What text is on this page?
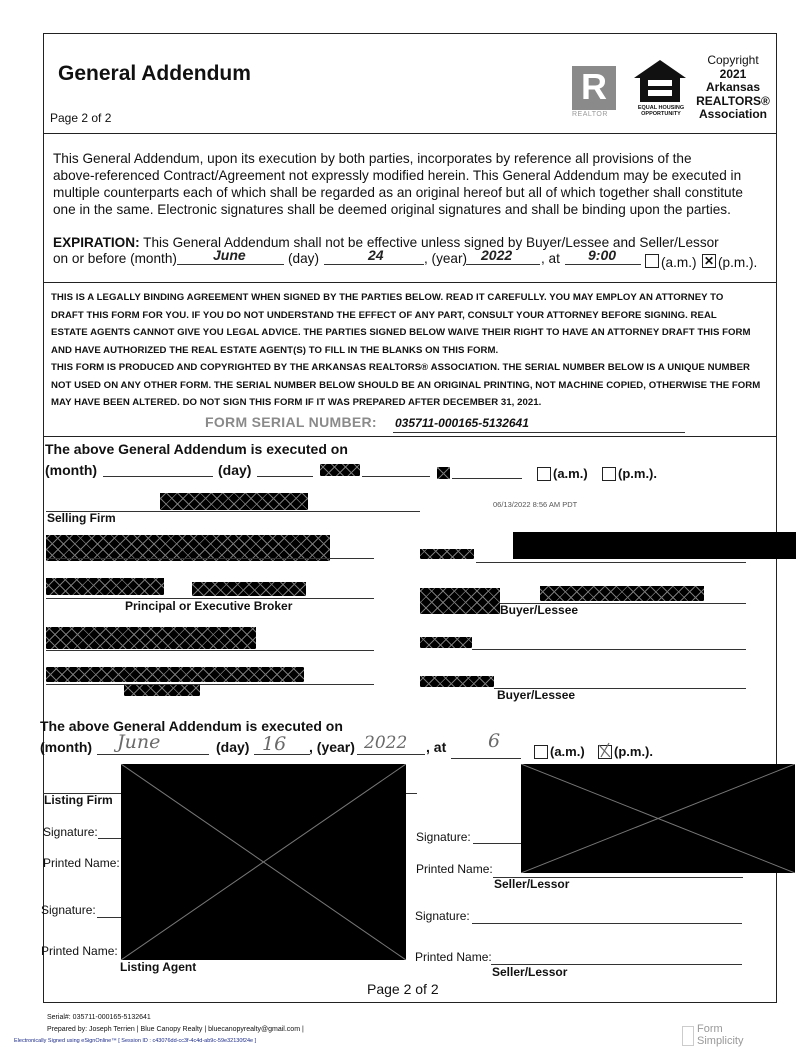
General Addendum
Page 2 of 2
R
REALTOR
EQUAL HOUSING
OPPORTUNITY
Copyright
2021
Arkansas
REALTORS®
Association
This General Addendum, upon its execution by both parties, incorporates by reference all provisions of the
above-referenced Contract/Agreement not expressly modified herein. This General Addendum may be executed in
multiple counterparts each of which shall be regarded as an original hereof but all of which together shall constitute
one in the same. Electronic signatures shall be deemed original signatures and shall be binding upon the parties.
EXPIRATION: This General Addendum shall not be effective unless signed by Buyer/Lessee and Seller/Lessor
on or before (month)	June	(day)	24	, (year) 2022 , at 9:00	(a.m.) ✕ (p.m.).
THIS IS A LEGALLY BINDING AGREEMENT WHEN SIGNED BY THE PARTIES BELOW. READ IT CAREFULLY. YOU MAY EMPLOY AN ATTORNEY TO
DRAFT THIS FORM FOR YOU. IF YOU DO NOT UNDERSTAND THE EFFECT OF ANY PART, CONSULT YOUR ATTORNEY BEFORE SIGNING. REAL
ESTATE AGENTS CANNOT GIVE YOU LEGAL ADVICE. THE PARTIES SIGNED BELOW WAIVE THEIR RIGHT TO HAVE AN ATTORNEY DRAFT THIS FORM
AND HAVE AUTHORIZED THE REAL ESTATE AGENT(S) TO FILL IN THE BLANKS ON THIS FORM.
THIS FORM IS PRODUCED AND COPYRIGHTED BY THE ARKANSAS REALTORS® ASSOCIATION. THE SERIAL NUMBER BELOW IS A UNIQUE NUMBER
NOT USED ON ANY OTHER FORM. THE SERIAL NUMBER BELOW SHOULD BE AN ORIGINAL PRINTING, NOT MACHINE COPIED, OTHERWISE THE FORM
MAY HAVE BEEN ALTERED. DO NOT SIGN THIS FORM IF IT WAS PREPARED AFTER DECEMBER 31, 2021.
FORM SERIAL NUMBER: 035711-000165-5132641
The above General Addendum is executed on
(month)	(day)	(a.m.) (p.m.).
Selling Firm
06/13/2022 8:56 AM PDT
Principal or Executive Broker	Buyer/Lessee
Buyer/Lessee
The above General Addendum is executed on
(month) June	(day) 16 , (year) 2022 , at 6	(a.m.) (p.m.).
Listing Firm
Signature:
Printed Name:
Signature:
Printed Name:
Listing Agent
Signature:
Printed Name:
Seller/Lessor
Signature:
Printed Name:
Seller/Lessor
Page 2 of 2
Serial#: 035711-000165-5132641
Prepared by: Joseph Terrien | Blue Canopy Realty | bluecanopyrealty@gmail.com |
Electronically Signed using eSignOnline™ [ Session ID : c43076dd-cc3f-4c4d-ab9c-59e32130f24e ]
Form
Simplicity
